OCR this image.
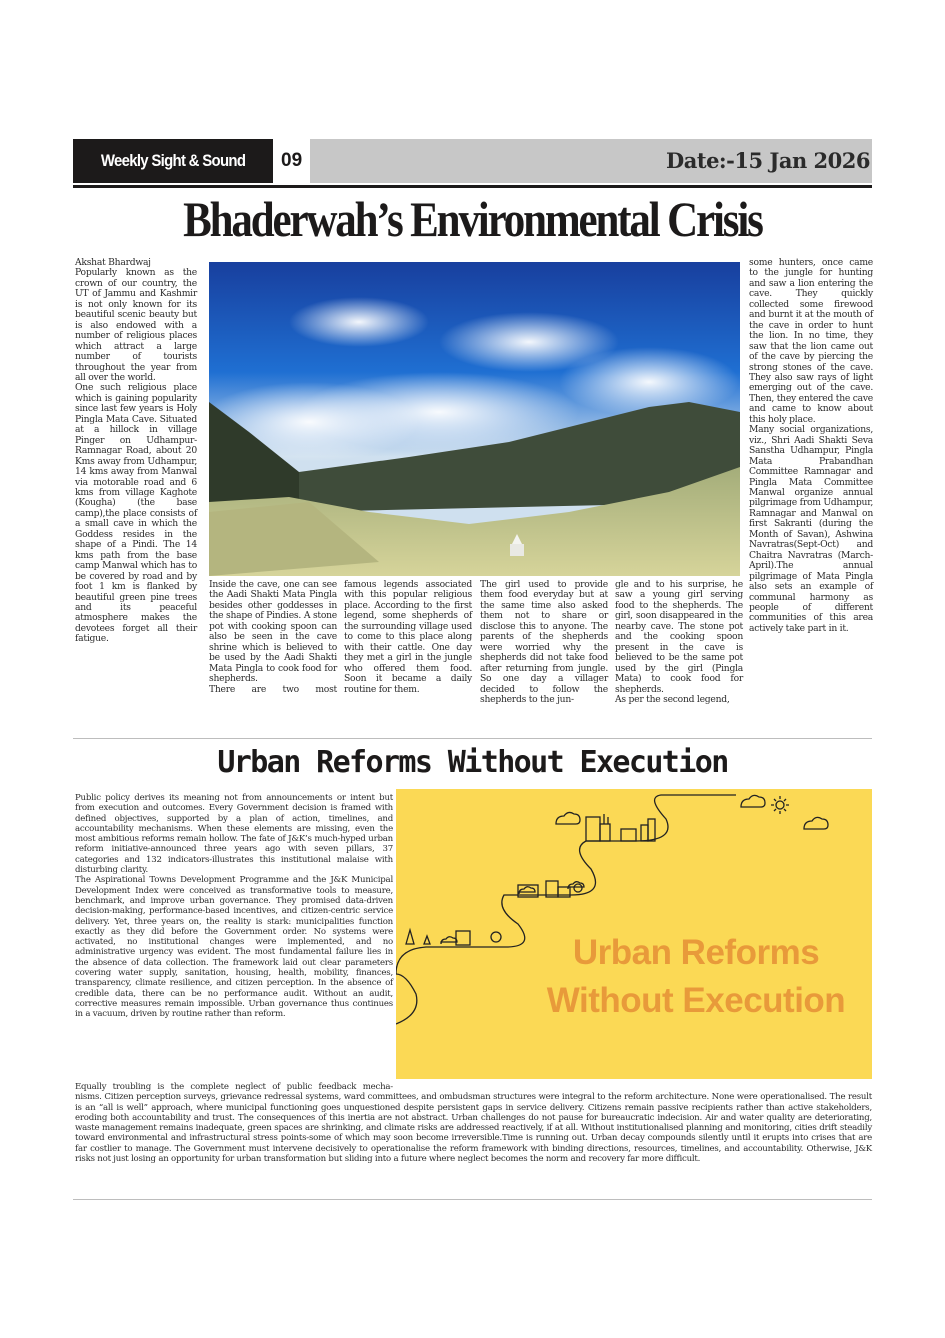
Weekly Sight & Sound	09	Date:-15 Jan 2026
Bhaderwah’s Environmental Crisis

Akshat Bhardwaj

Popularly known as the crown of our country, the UT of Jammu and Kashmir is not only known for its beautiful scenic beauty but is also endowed with a number of religious places which attract a large number of tourists throughout the year from all over the world.

One such religious place which is gaining popularity since last few years is Holy Pingla Mata Cave. Situated at a hillock in village Pinger on Udhampur-Ramnagar Road, about 20 Kms away from Udhampur, 14 kms away from Manwal via motorable road and 6 kms from village Kaghote (Kougha) (the base camp),the place consists of a small cave in which the Goddess resides in the shape of a Pindi. The 14 kms path from the base camp Manwal which has to be covered by road and by foot 1 km is flanked by beautiful green pine trees and its peaceful atmosphere makes the devotees forget all their fatigue.

Inside the cave, one can see the Aadi Shakti Mata Pingla besides other goddesses in the shape of Pindies. A stone pot with cooking spoon can also be seen in the cave shrine which is believed to be used by the Aadi Shakti Mata Pingla to cook food for shepherds.

There are two most

famous legends associated with this popular religious place. According to the first legend, some shepherds of the surrounding village used to come to this place along with their cattle. One day they met a girl in the jungle who offered them food. Soon it became a daily routine for them.

The girl used to provide them food everyday but at the same time also asked them not to share or disclose this to anyone. The parents of the shepherds were worried why the shepherds did not take food after returning from jungle. So one day a villager decided to follow the shepherds to the jun-

gle and to his surprise, he saw a young girl serving food to the shepherds. The girl, soon disappeared in the nearby cave. The stone pot and the cooking spoon present in the cave is believed to be the same pot used by the girl (Pingla Mata) to cook food for shepherds.

As per the second legend,

some hunters, once came to the jungle for hunting and saw a lion entering the cave. They quickly collected some firewood and burnt it at the mouth of the cave in order to hunt the lion. In no time, they saw that the lion came out of the cave by piercing the strong stones of the cave. They also saw rays of light emerging out of the cave. Then, they entered the cave and came to know about this holy place.

Many social organizations, viz., Shri Aadi Shakti Seva Sanstha Udhampur, Pingla Mata Prabandhan Committee Ramnagar and Pingla Mata Committee Manwal organize annual pilgrimage from Udhampur, Ramnagar and Manwal on first Sakranti (during the Month of Savan), Ashwina Navratras(Sept-Oct) and Chaitra Navratras (March-April).The annual pilgrimage of Mata Pingla also sets an example of communal harmony as people of different communities of this area actively take part in it.

Urban Reforms Without Execution

Public policy derives its meaning not from announcements or intent but from execution and outcomes. Every Government decision is framed with defined objectives, supported by a plan of action, timelines, and accountability mechanisms. When these elements are missing, even the most ambitious reforms remain hollow. The fate of J&K’s much-hyped urban reform initiative-announced three years ago with seven pillars, 37 categories and 132 indicators-illustrates this institutional malaise with disturbing clarity.

The Aspirational Towns Development Programme and the J&K Municipal Development Index were conceived as transformative tools to measure, benchmark, and improve urban governance. They promised data-driven decision-making, performance-based incentives, and citizen-centric service delivery. Yet, three years on, the reality is stark: municipalities function exactly as they did before the Government order. No systems were activated, no institutional changes were implemented, and no administrative urgency was evident. The most fundamental failure lies in the absence of data collection. The framework laid out clear parameters covering water supply, sanitation, housing, health, mobility, finances, transparency, climate resilience, and citizen perception. In the absence of credible data, there can be no performance audit. Without an audit, corrective measures remain impossible. Urban governance thus continues in a vacuum, driven by routine rather than reform.

Urban Reforms
Without Execution
Equally troubling is the complete neglect of public feedback mecha-
nisms. Citizen perception surveys, grievance redressal systems, ward committees, and ombudsman structures were integral to the reform architecture. None were operationalised. The result is an “all is well” approach, where municipal functioning goes unquestioned despite persistent gaps in service delivery. Citizens remain passive recipients rather than active stakeholders, eroding both accountability and trust. The consequences of this inertia are not abstract. Urban challenges do not pause for bureaucratic indecision. Air and water quality are deteriorating, waste management remains inadequate, green spaces are shrinking, and climate risks are addressed reactively, if at all. Without institutionalised planning and monitoring, cities drift steadily toward environmental and infrastructural stress points-some of which may soon become irreversible.Time is running out. Urban decay compounds silently until it erupts into crises that are far costlier to manage. The Government must intervene decisively to operationalise the reform framework with binding directions, resources, timelines, and accountability. Otherwise, J&K risks not just losing an opportunity for urban transformation but sliding into a future where neglect becomes the norm and recovery far more difficult.
